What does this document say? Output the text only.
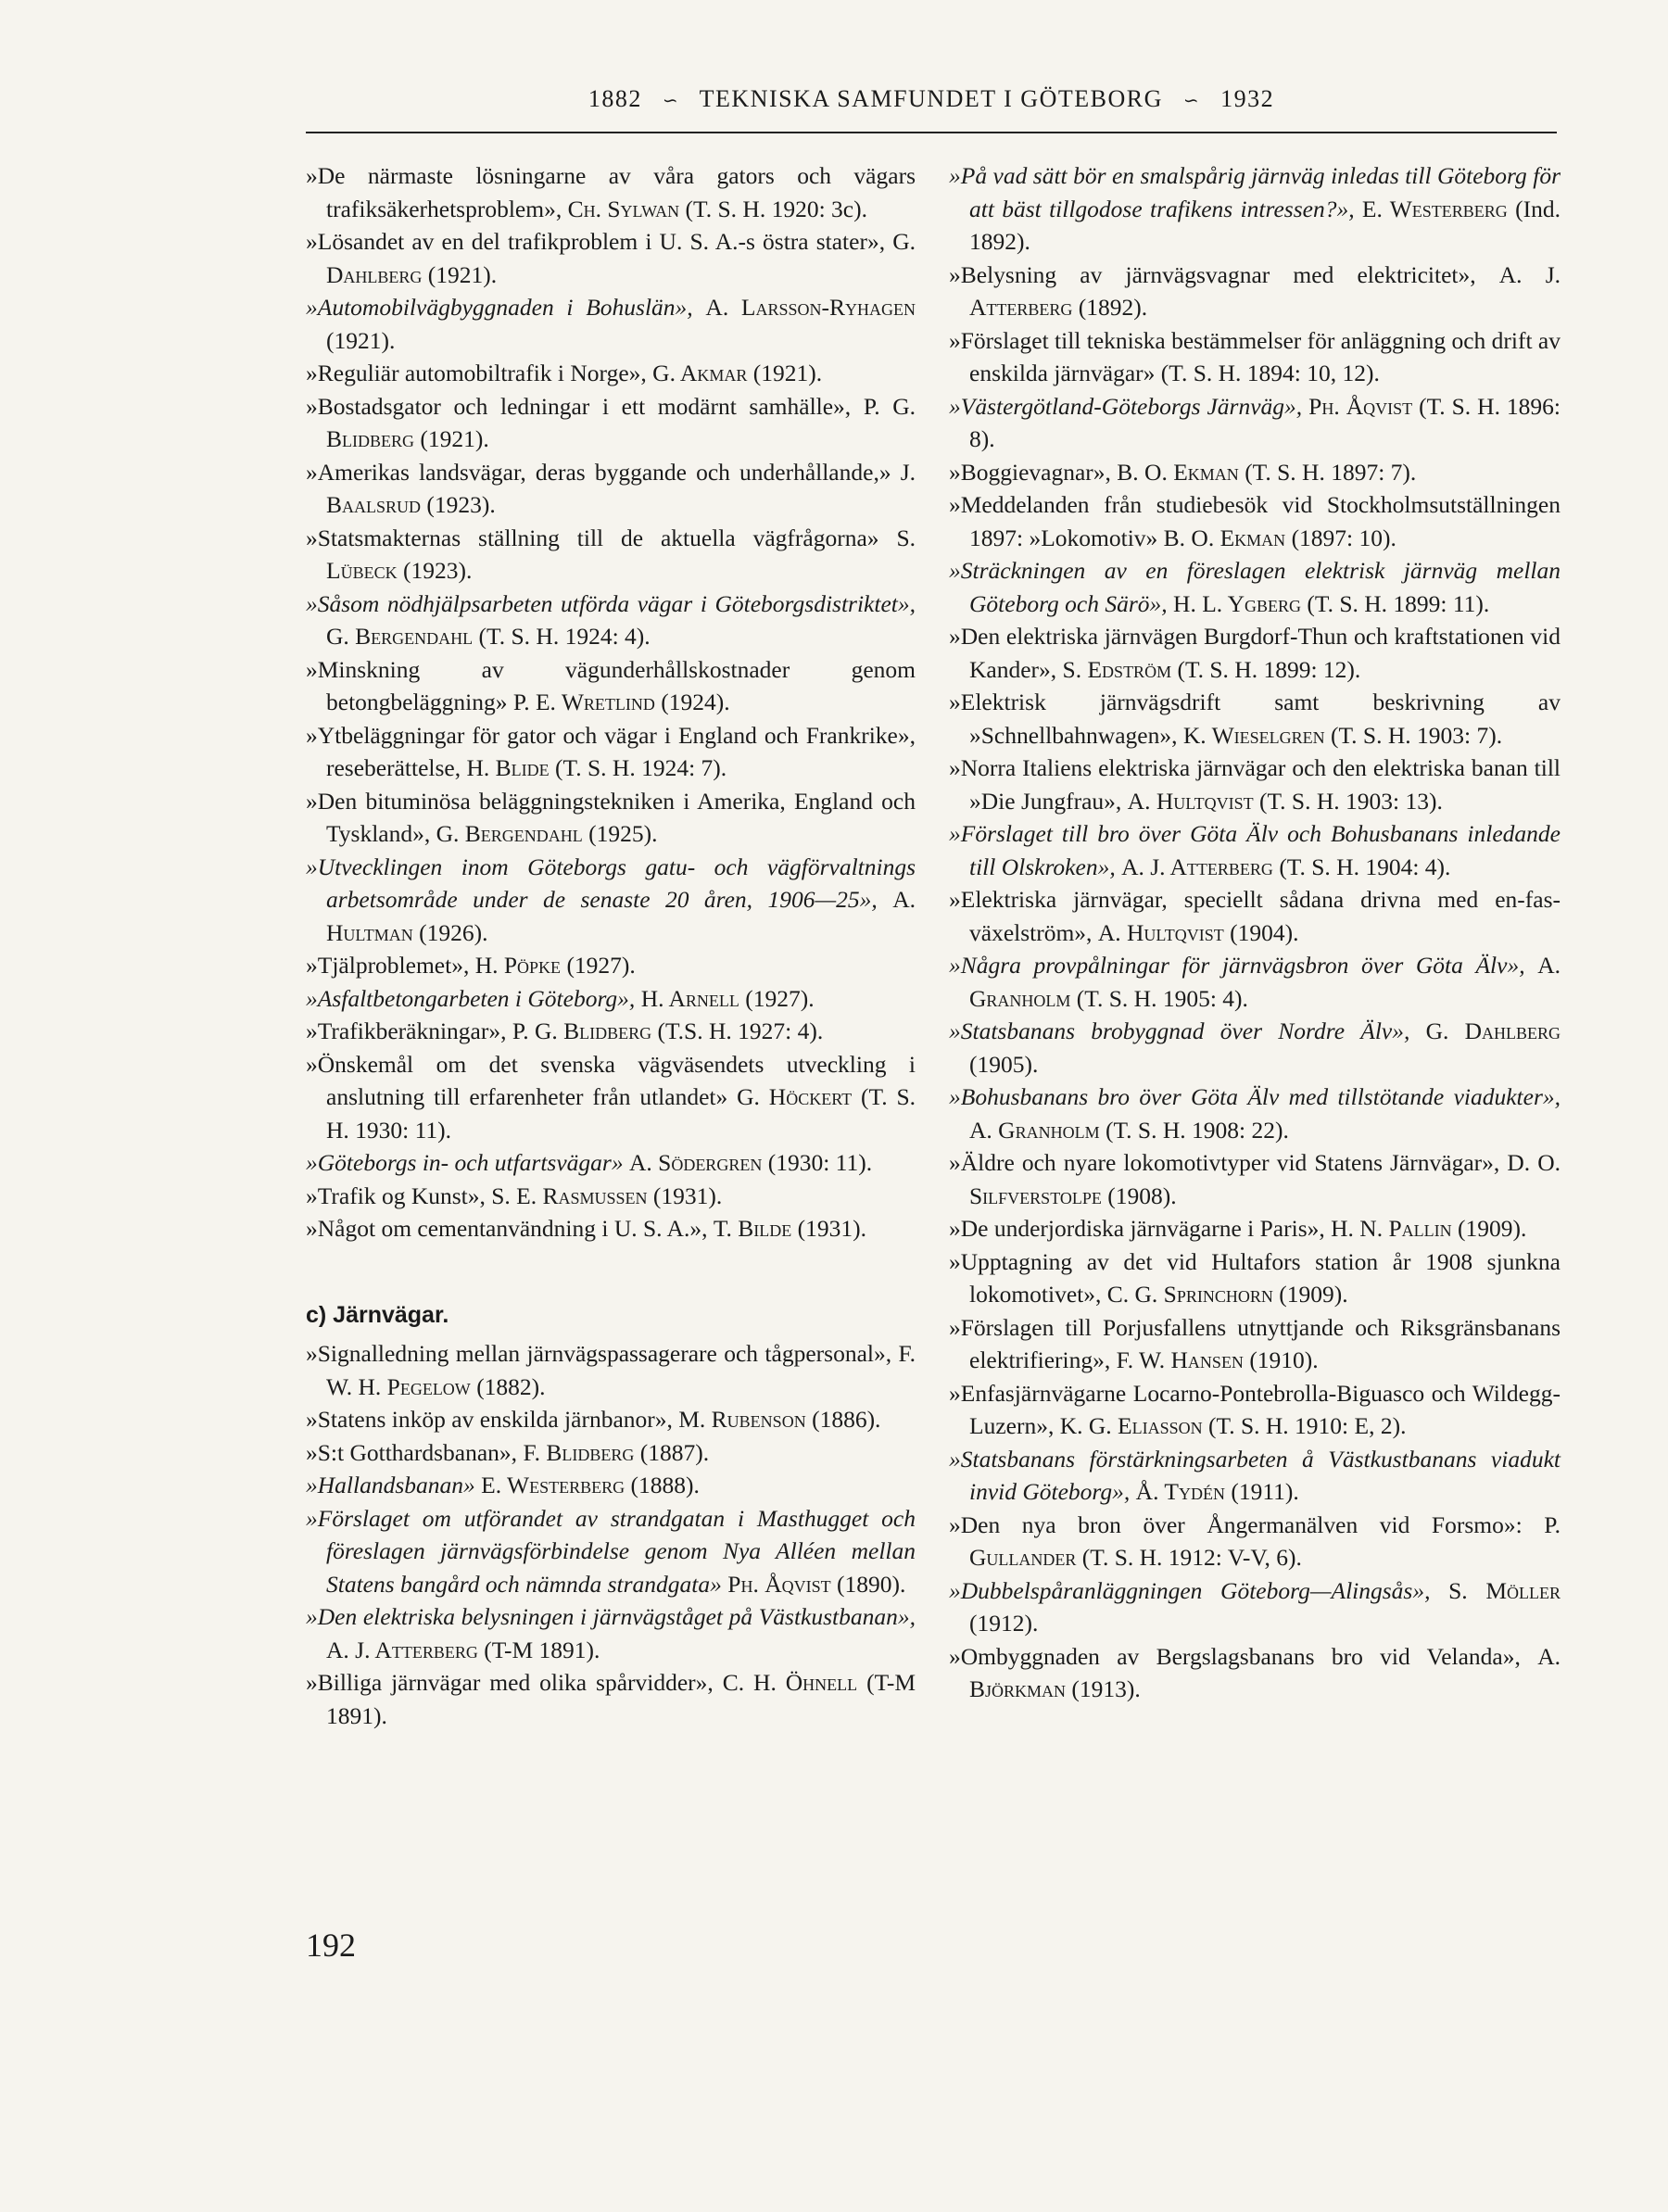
1882 ∽ TEKNISKA SAMFUNDET I GÖTEBORG ∽ 1932
»De närmaste lösningarne av våra gators och vägars trafiksäkerhetsproblem», Ch. Sylwan (T. S. H. 1920: 3c).
»Lösandet av en del trafikproblem i U. S. A.-s östra stater», G. Dahlberg (1921).
»Automobilvägbyggnaden i Bohuslän», A. Larsson-Ryhagen (1921).
»Reguliär automobiltrafik i Norge», G. Akmar (1921).
»Bostadsgator och ledningar i ett modärnt samhälle», P. G. Blidberg (1921).
»Amerikas landsvägar, deras byggande och underhållande,» J. Baalsrud (1923).
»Statsmakternas ställning till de aktuella vägfrågorna» S. Lübeck (1923).
»Såsom nödhjälpsarbeten utförda vägar i Göteborgsdistriktet», G. Bergendahl (T. S. H. 1924: 4).
»Minskning av vägunderhållskostnader genom betongbeläggning» P. E. Wretlind (1924).
»Ytbeläggningar för gator och vägar i England och Frankrike», reseberättelse, H. Blide (T. S. H. 1924: 7).
»Den bituminösa beläggningstekniken i Amerika, England och Tyskland», G. Bergendahl (1925).
»Utvecklingen inom Göteborgs gatu- och vägförvaltnings arbetsområde under de senaste 20 åren, 1906—25», A. Hultman (1926).
»Tjälproblemet», H. Pöpke (1927).
»Asfaltbetongarbeten i Göteborg», H. Arnell (1927).
»Trafikberäkningar», P. G. Blidberg (T.S. H. 1927: 4).
»Önskemål om det svenska vägväsendets utveckling i anslutning till erfarenheter från utlandet» G. Höckert (T. S. H. 1930: 11).
»Göteborgs in- och utfartsvägar» A. Södergren (1930: 11).
»Trafik og Kunst», S. E. Rasmussen (1931).
»Något om cementanvändning i U. S. A.», T. Bilde (1931).
c) Järnvägar.
»Signalledning mellan järnvägspassagerare och tågpersonal», F. W. H. Pegelow (1882).
»Statens inköp av enskilda järnbanor», M. Rubenson (1886).
»S:t Gotthardsbanan», F. Blidberg (1887).
»Hallandsbanan» E. Westerberg (1888).
»Förslaget om utförandet av strandgatan i Masthugget och föreslagen järnvägsförbindelse genom Nya Alléen mellan Statens bangård och nämnda strandgata» Ph. Åqvist (1890).
»Den elektriska belysningen i järnvägståget på Västkustbanan», A. J. Atterberg (T-M 1891).
»Billiga järnvägar med olika spårvidder», C. H. Öhnell (T-M 1891).
»På vad sätt bör en smalspårig järnväg inledas till Göteborg för att bäst tillgodose trafikens intressen?», E. Westerberg (Ind. 1892).
»Belysning av järnvägsvagnar med elektricitet», A. J. Atterberg (1892).
»Förslaget till tekniska bestämmelser för anläggning och drift av enskilda järnvägar» (T. S. H. 1894: 10, 12).
»Västergötland-Göteborgs Järnväg», Ph. Åqvist (T. S. H. 1896: 8).
»Boggievagnar», B. O. Ekman (T. S. H. 1897: 7).
»Meddelanden från studiebesök vid Stockholmsutställningen 1897: »Lokomotiv» B. O. Ekman (1897: 10).
»Sträckningen av en föreslagen elektrisk järnväg mellan Göteborg och Särö», H. L. Ygberg (T. S. H. 1899: 11).
»Den elektriska järnvägen Burgdorf-Thun och kraftstationen vid Kander», S. Edström (T. S. H. 1899: 12).
»Elektrisk järnvägsdrift samt beskrivning av »Schnellbahnwagen», K. Wieselgren (T. S. H. 1903: 7).
»Norra Italiens elektriska järnvägar och den elektriska banan till »Die Jungfrau», A. Hultqvist (T. S. H. 1903: 13).
»Förslaget till bro över Göta Älv och Bohusbanans inledande till Olskroken», A. J. Atterberg (T. S. H. 1904: 4).
»Elektriska järnvägar, speciellt sådana drivna med en-fas-växelström», A. Hultqvist (1904).
»Några provpålningar för järnvägsbron över Göta Älv», A. Granholm (T. S. H. 1905: 4).
»Statsbanans brobyggnad över Nordre Älv», G. Dahlberg (1905).
»Bohusbanans bro över Göta Älv med tillstötande viadukter», A. Granholm (T. S. H. 1908: 22).
»Äldre och nyare lokomotivtyper vid Statens Järnvägar», D. O. Silfverstolpe (1908).
»De underjordiska järnvägarne i Paris», H. N. Pallin (1909).
»Upptagning av det vid Hultafors station år 1908 sjunkna lokomotivet», C. G. Sprinchorn (1909).
»Förslagen till Porjusfallens utnyttjande och Riksgränsbanans elektrifiering», F. W. Hansen (1910).
»Enfasjärnvägarne Locarno-Pontebrolla-Biguasco och Wildegg-Luzern», K. G. Eliasson (T. S. H. 1910: E, 2).
»Statsbanans förstärkningsarbeten å Västkustbanans viadukt invid Göteborg», Å. Tydén (1911).
»Den nya bron över Ångermanälven vid Forsmo»: P. Gullander (T. S. H. 1912: V-V, 6).
»Dubbelspåranläggningen Göteborg—Alingsås», S. Möller (1912).
»Ombyggnaden av Bergslagsbanans bro vid Velanda», A. Björkman (1913).
192
